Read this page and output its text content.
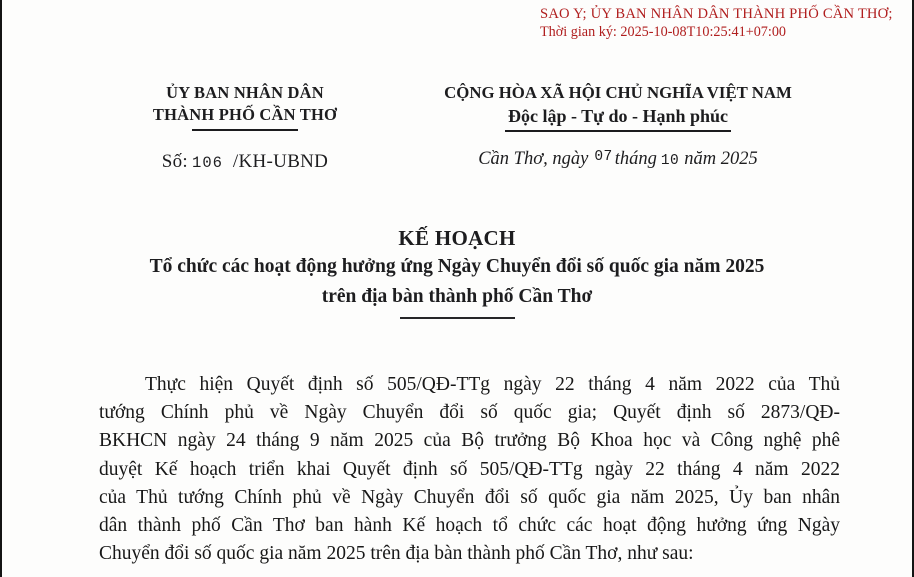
SAO Y; ỦY BAN NHÂN DÂN THÀNH PHỐ CẦN THƠ;
Thời gian ký: 2025-10-08T10:25:41+07:00
ỦY BAN NHÂN DÂN
THÀNH PHỐ CẦN THƠ
Số: 106 /KH-UBND
CỘNG HÒA XÃ HỘI CHỦ NGHĨA VIỆT NAM
Độc lập - Tự do - Hạnh phúc
Cần Thơ, ngày $^{07}$ tháng 10 năm 2025
KẾ HOẠCH
Tổ chức các hoạt động hưởng ứng Ngày Chuyển đổi số quốc gia năm 2025
trên địa bàn thành phố Cần Thơ
Thực hiện Quyết định số 505/QĐ-TTg ngày 22 tháng 4 năm 2022 của Thủ
tướng Chính phủ về Ngày Chuyển đổi số quốc gia; Quyết định số 2873/QĐ-
BKHCN ngày 24 tháng 9 năm 2025 của Bộ trưởng Bộ Khoa học và Công nghệ phê
duyệt Kế hoạch triển khai Quyết định số 505/QĐ-TTg ngày 22 tháng 4 năm 2022
của Thủ tướng Chính phủ về Ngày Chuyển đổi số quốc gia năm 2025, Ủy ban nhân
dân thành phố Cần Thơ ban hành Kế hoạch tổ chức các hoạt động hưởng ứng Ngày
Chuyển đổi số quốc gia năm 2025 trên địa bàn thành phố Cần Thơ, như sau:
